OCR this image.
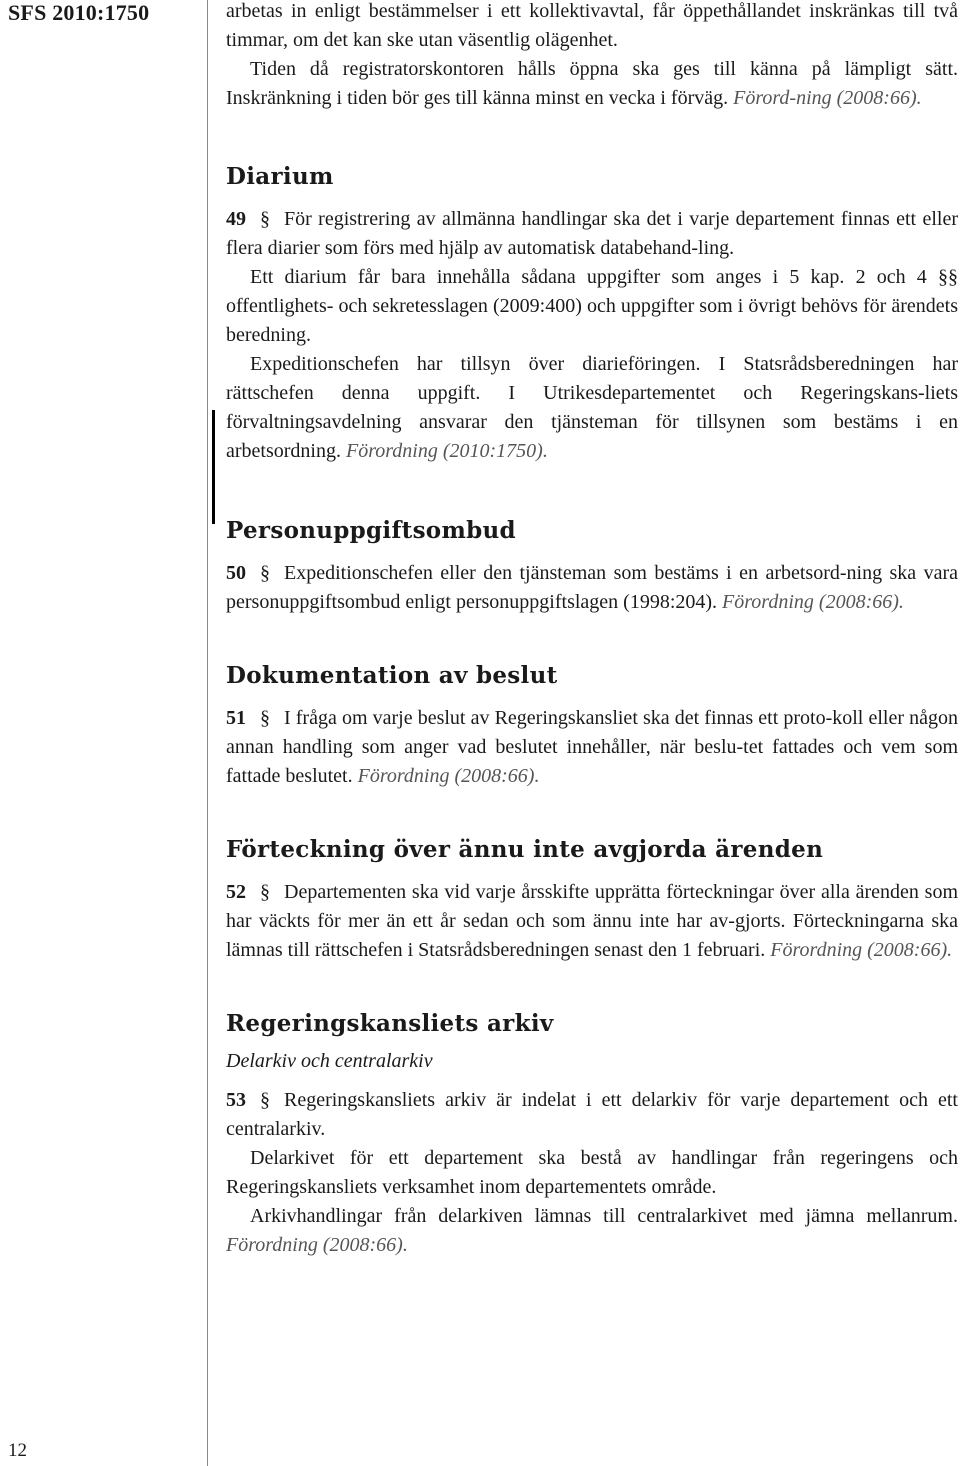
SFS 2010:1750
12

arbetas in enligt bestämmelser i ett kollektivavtal, får öppethållandet inskränkas till två timmar, om det kan ske utan väsentlig olägenhet.

Tiden då registratorskontoren hålls öppna ska ges till känna på lämpligt sätt. Inskränkning i tiden bör ges till känna minst en vecka i förväg. Förord-ning (2008:66).

Diarium

49 § För registrering av allmänna handlingar ska det i varje departement finnas ett eller flera diarier som förs med hjälp av automatisk databehand-ling.

Ett diarium får bara innehålla sådana uppgifter som anges i 5 kap. 2 och 4 §§ offentlighets- och sekretesslagen (2009:400) och uppgifter som i övrigt behövs för ärendets beredning.

Expeditionschefen har tillsyn över diarieföringen. I Statsrådsberedningen har rättschefen denna uppgift. I Utrikesdepartementet och Regeringskans-liets förvaltningsavdelning ansvarar den tjänsteman för tillsynen som bestäms i en arbetsordning. Förordning (2010:1750).

Personuppgiftsombud

50 § Expeditionschefen eller den tjänsteman som bestäms i en arbetsord-ning ska vara personuppgiftsombud enligt personuppgiftslagen (1998:204). Förordning (2008:66).

Dokumentation av beslut

51 § I fråga om varje beslut av Regeringskansliet ska det finnas ett proto-koll eller någon annan handling som anger vad beslutet innehåller, när beslu-tet fattades och vem som fattade beslutet. Förordning (2008:66).

Förteckning över ännu inte avgjorda ärenden

52 § Departementen ska vid varje årsskifte upprätta förteckningar över alla ärenden som har väckts för mer än ett år sedan och som ännu inte har av-gjorts. Förteckningarna ska lämnas till rättschefen i Statsrådsberedningen senast den 1 februari. Förordning (2008:66).

Regeringskansliets arkiv

Delarkiv och centralarkiv

53 § Regeringskansliets arkiv är indelat i ett delarkiv för varje departement och ett centralarkiv.

Delarkivet för ett departement ska bestå av handlingar från regeringens och Regeringskansliets verksamhet inom departementets område.

Arkivhandlingar från delarkiven lämnas till centralarkivet med jämna mellanrum. Förordning (2008:66).
